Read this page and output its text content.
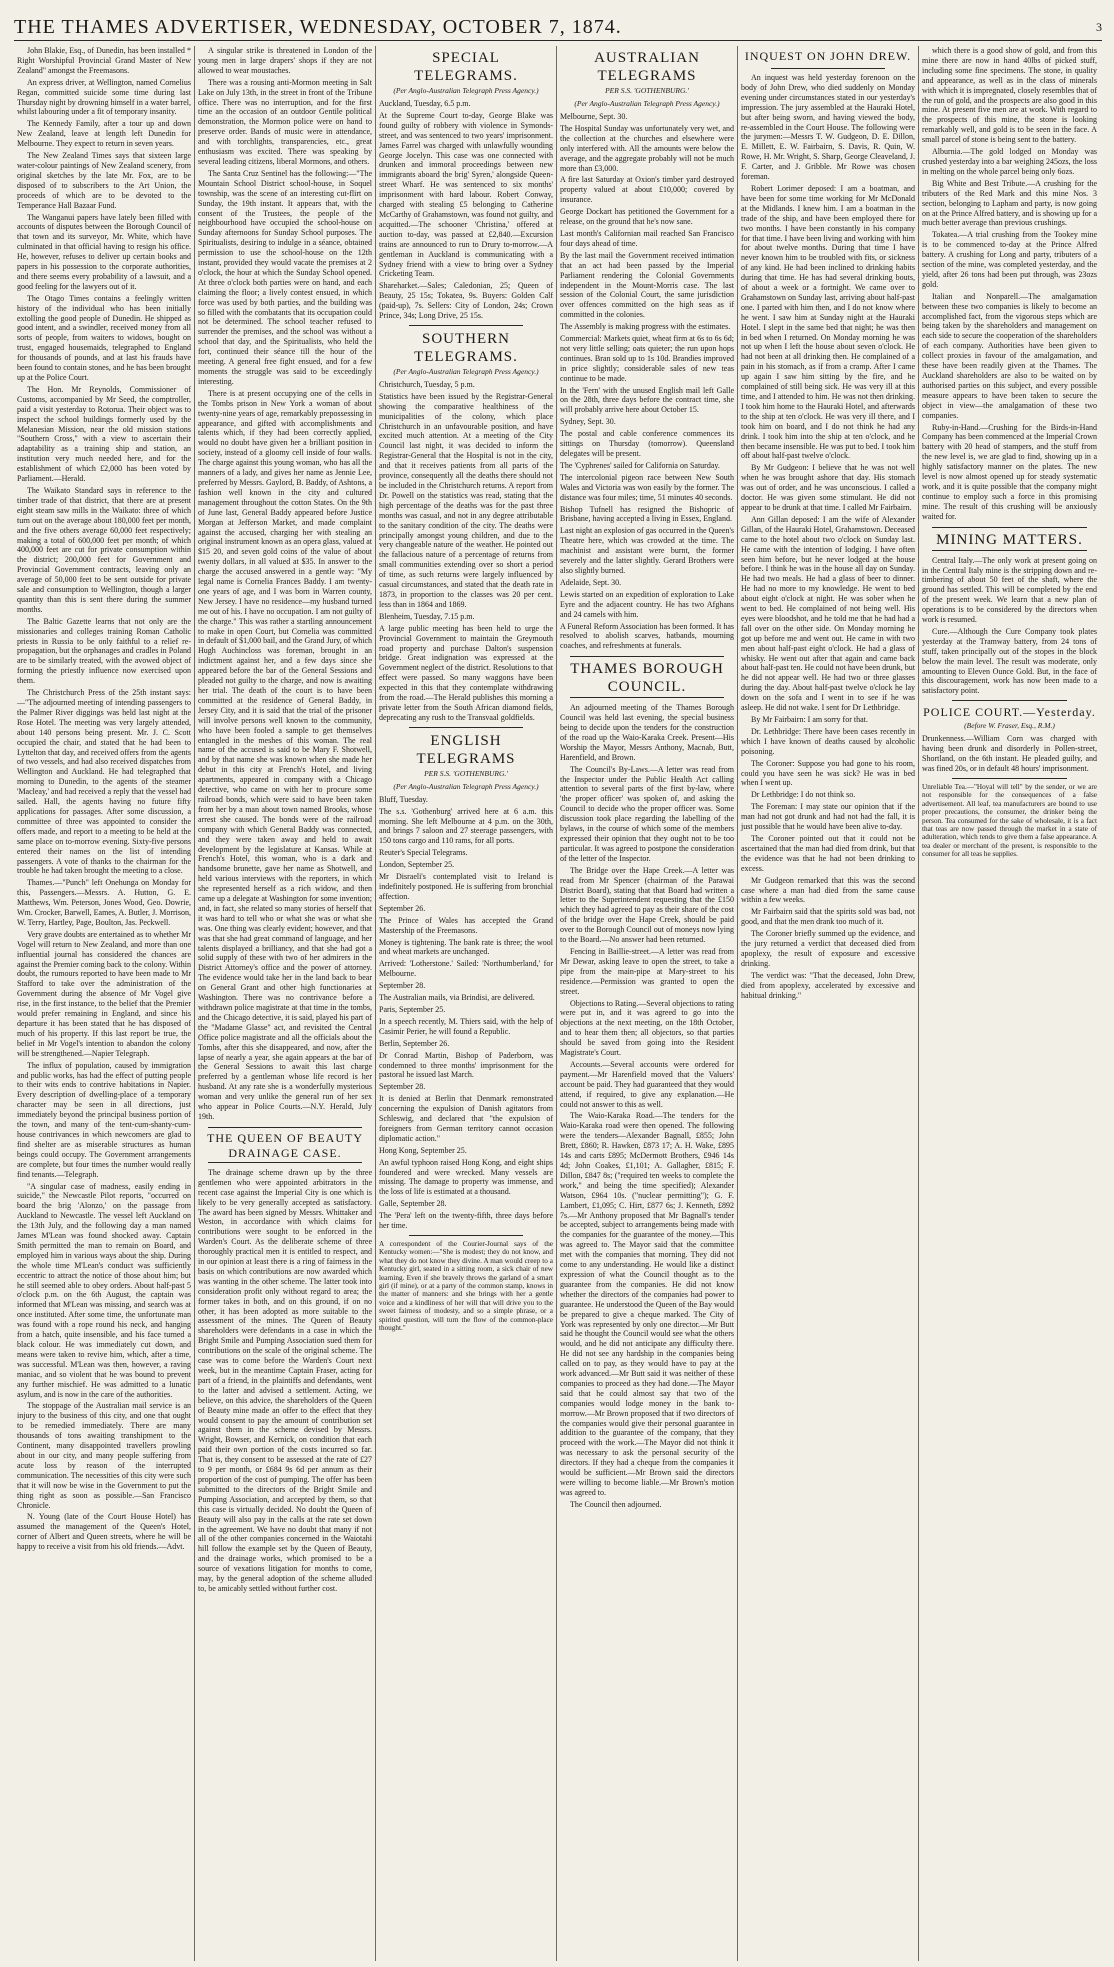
THE THAMES ADVERTISER, WEDNESDAY, OCTOBER 7, 1874.	3

John Blakie, Esq., of Dunedin, has been installed * Right Worshipful Provincial Grand Master of New Zealand" amongst the Freemasons.

An express driver, at Wellington, named Cornelius Regan, committed suicide some time during last Thursday night by drowning himself in a water barrel, whilst labouring under a fit of temporary insanity.

The Kennedy Family, after a tour up and down New Zealand, leave at length left Dunedin for Melbourne. They expect to return in seven years.

The New Zealand Times says that sixteen large water-colour paintings of New Zealand scenery, from original sketches by the late Mr. Fox, are to be disposed of to subscribers to the Art Union, the proceeds of which are to be devoted to the Temperance Hall Bazaar Fund.

The Wanganui papers have lately been filled with accounts of disputes between the Borough Council of that town and its surveyor, Mr. White, which have culminated in that official having to resign his office. He, however, refuses to deliver up certain books and papers in his possession to the corporate authorities, and there seems every probability of a lawsuit, and a good feeling for the lawyers out of it.

The Otago Times contains a feelingly written history of the individual who has been initially extolling the good people of Dunedin. He shipped as good intent, and a swindler, received money from all sorts of people, from waiters to widows, bought on trust, engaged housemaids, telegraphed to England for thousands of pounds, and at last his frauds have been found to contain stones, and he has been brought up at the Police Court.

The Hon. Mr Reynolds, Commissioner of Customs, accompanied by Mr Seed, the comptroller, paid a visit yesterday to Rotorua. Their object was to inspect the school buildings formerly used by the Melanesian Mission, near the old mission stations "Southern Cross," with a view to ascertain their adaptability as a training ship and station, an institution very much needed here, and for the establishment of which £2,000 has been voted by Parliament.—Herald.

The Waikato Standard says in reference to the timber trade of that district, that there are at present eight steam saw mills in the Waikato: three of which turn out on the average about 180,000 feet per month, and the five others average 60,000 feet respectively; making a total of 600,000 feet per month; of which 400,000 feet are cut for private consumption within the district; 200,000 feet for Government and Provincial Government contracts, leaving only an average of 50,000 feet to be sent outside for private sale and consumption to Wellington, though a larger quantity than this is sent there during the summer months.

The Baltic Gazette learns that not only are the missionaries and colleges training Roman Catholic priests in Russia to be only faithful to a relief re-propagation, but the orphanages and cradles in Poland are to be similarly treated, with the avowed object of forming the priestly influence now exercised upon them.

The Christchurch Press of the 25th instant says:—"The adjourned meeting of intending passengers to the Palmer River diggings was held last night at the Rose Hotel. The meeting was very largely attended, about 140 persons being present. Mr. J. C. Scott occupied the chair, and stated that he had been to Lyttelton that day, and received offers from the agents of two vessels, and had also received dispatches from Wellington and Auckland. He had telegraphed that morning to Dunedin, to the agents of the steamer 'Macleay,' and had received a reply that the vessel had sailed. Hall, the agents having no future fifty applications for passages. After some discussion, a committee of three was appointed to consider the offers made, and report to a meeting to be held at the same place on to-morrow evening. Sixty-five persons entered their names on the list of intending passengers. A vote of thanks to the chairman for the trouble he had taken brought the meeting to a close.

Thames.—"Punch" left Onehunga on Monday for this, Passengers.—Messrs. A. Hutton, G. E. Matthews, Wm. Peterson, Jones Wood, Geo. Dowrie, Wm. Crocker, Barwell, Eames, A. Butler, J. Morrison, W. Terry, Hartley, Page, Boulton, Jas. Peckwell.

Very grave doubts are entertained as to whether Mr Vogel will return to New Zealand, and more than one influential journal has considered the chances are against the Premier coming back to the colony. Within doubt, the rumours reported to have been made to Mr Stafford to take over the administration of the Government during the absence of Mr Vogel give rise, in the first instance, to the belief that the Premier would prefer remaining in England, and since his departure it has been stated that he has disposed of much of his property. If this last report be true, the belief in Mr Vogel's intention to abandon the colony will be strengthened.—Napier Telegraph.

The influx of population, caused by immigration and public works, has had the effect of putting people to their wits ends to contrive habitations in Napier. Every description of dwelling-place of a temporary character may be seen in all directions, just immediately beyond the principal business portion of the town, and many of the tent-cum-shanty-cum-house contrivances in which newcomers are glad to find shelter are as miserable structures as human beings could occupy. The Government arrangements are complete, but four times the number would really find tenants.—Telegraph.

"A singular case of madness, easily ending in suicide," the Newcastle Pilot reports, "occurred on board the brig 'Alonzo,' on the passage from Auckland to Newcastle. The vessel left Auckland on the 13th July, and the following day a man named James M'Lean was found shocked away. Captain Smith permitted the man to remain on Board, and employed him in various ways about the ship. During the whole time M'Lean's conduct was sufficiently eccentric to attract the notice of those about him; but he still seemed able to obey orders. About half-past 5 o'clock p.m. on the 6th August, the captain was informed that M'Lean was missing, and search was at once instituted. After some time, the unfortunate man was found with a rope round his neck, and hanging from a hatch, quite insensible, and his face turned a black colour. He was immediately cut down, and means were taken to revive him, which, after a time, was successful. M'Lean was then, however, a raving maniac, and so violent that he was bound to prevent any further mischief. He was admitted to a lunatic asylum, and is now in the care of the authorities.

The stoppage of the Australian mail service is an injury to the business of this city, and one that ought to be remedied immediately. There are many thousands of tons awaiting transhipment to the Continent, many disappointed travellers prowling about in our city, and many people suffering from acute loss by reason of the interrupted communication. The necessities of this city were such that it will now be wise in the Government to put the thing right as soon as possible.—San Francisco Chronicle.

N. Young (late of the Court House Hotel) has assumed the management of the Queen's Hotel, corner of Albert and Queen streets, where he will be happy to receive a visit from his old friends.—Advt.

A singular strike is threatened in London of the young men in large drapers' shops if they are not allowed to wear moustaches.

There was a rousing anti-Mormon meeting in Salt Lake on July 13th, in the street in front of the Tribune office. There was no interruption, and for the first time an the occasion of an outdoor Gentile political demonstration, the Mormon police were on hand to preserve order. Bands of music were in attendance, and with torchlights, transparencies, etc., great enthusiasm was excited. There was speaking by several leading citizens, liberal Mormons, and others.

The Santa Cruz Sentinel has the following:—"The Mountain School District school-house, in Soquel township, was the scene of an interesting cut-flirt on Sunday, the 19th instant. It appears that, with the consent of the Trustees, the people of the neighbourhood have occupied the school-house on Sunday afternoons for Sunday School purposes. The Spiritualists, desiring to indulge in a séance, obtained permission to use the school-house on the 12th instant, provided they would vacate the premises at 2 o'clock, the hour at which the Sunday School opened. At three o'clock both parties were on hand, and each claiming the floor; a lively contest ensued, in which force was used by both parties, and the building was so filled with the combatants that its occupation could not be determined. The school teacher refused to surrender the premises, and the school was without a school that day, and the Spiritualists, who held the fort, continued their séance till the hour of the meeting. A general free fight ensued, and for a few moments the struggle was said to be exceedingly interesting.

There is at present occupying one of the cells in the Tombs prison in New York a woman of about twenty-nine years of age, remarkably prepossessing in appearance, and gifted with accomplishments and talents which, if they had been correctly applied, would no doubt have given her a brilliant position in society, instead of a gloomy cell inside of four walls. The charge against this young woman, who has all the manners of a lady, and gives her name as Jennie Lee, preferred by Messrs. Gaylord, B. Baddy, of Ashtons, a fashion well known in the city and cultured management throughout the cotton States. On the 9th of June last, General Baddy appeared before Justice Morgan at Jefferson Market, and made complaint against the accused, charging her with stealing an original instrument known as an opera glass, valued at $15 20, and seven gold coins of the value of about twenty dollars, in all valued at $35. In answer to the charge the accused answered in a gentle way: "My legal name is Cornelia Frances Baddy. I am twenty-one years of age, and I was born in Warren county, New Jersey. I have no residence—my husband turned me out of his. I have no occupation. I am not guilty of the charge." This was rather a startling announcement to make in open Court, but Cornelia was committed in default of $1,000 bail, and the Grand Jury, of which Hugh Auchincloss was foreman, brought in an indictment against her, and a few days since she appeared before the bar of the General Sessions and pleaded not guilty to the charge, and now is awaiting her trial. The death of the court is to have been committed at the residence of General Baddy, in Jersey City, and it is said that the trial of the prisoner will involve persons well known to the community, who have been fooled a sample to get themselves entangled in the meshes of this woman. The real name of the accused is said to be Mary F. Shotwell, and by that name she was known when she made her debut in this city at French's Hotel, and living apartments, appeared in company with a Chicago detective, who came on with her to procure some railroad bonds, which were said to have been taken from her by a man about town named Brooks, whose arrest she caused. The bonds were of the railroad company with which General Baddy was connected, and they were taken away and held to await development by the legislature at Kansas. While at French's Hotel, this woman, who is a dark and handsome brunette, gave her name as Shotwell, and held various interviews with the reporters, in which she represented herself as a rich widow, and then came up a delegate at Washington for some invention; and, in fact, she related so many stories of herself that it was hard to tell who or what she was or what she was. One thing was clearly evident; however, and that was that she had great command of language, and her talents displayed a brilliancy, and that she had got a solid supply of these with two of her admirers in the District Attorney's office and the power of attorney. The evidence would take her in the land back to bear on General Grant and other high functionaries at Washington. There was no contrivance before a withdrawn police magistrate at that time in the tombs, and the Chicago detective, it is said, played his part of the "Madame Glasse" act, and revisited the Central Office police magistrate and all the officials about the Tombs, after this she disappeared, and now, after the lapse of nearly a year, she again appears at the bar of the General Sessions to await this last charge preferred by a gentleman whose life record is her husband. At any rate she is a wonderfully mysterious woman and very unlike the general run of her sex who appear in Police Courts.—N.Y. Herald, July 19th.

THE QUEEN OF BEAUTY DRAINAGE CASE.

The drainage scheme drawn up by the three gentlemen who were appointed arbitrators in the recent case against the Imperial City is one which is likely to be very generally accepted as satisfactory. The award has been signed by Messrs. Whittaker and Weston, in accordance with which claims for contributions were sought to be enforced in the Warden's Court. As the deliberate scheme of three thoroughly practical men it is entitled to respect, and in our opinion at least there is a ring of fairness in the basis on which contributions are now awarded which was wanting in the other scheme. The latter took into consideration profit only without regard to area; the former takes in both, and on this ground, if on no other, it has been adopted as more suitable to the assessment of the mines. The Queen of Beauty shareholders were defendants in a case in which the Bright Smile and Pumping Association sued them for contributions on the scale of the original scheme. The case was to come before the Warden's Court next week, but in the meantime Captain Fraser, acting for part of a friend, in the plaintiffs and defendants, went to the latter and advised a settlement. Acting, we believe, on this advice, the shareholders of the Queen of Beauty mine made an offer to the effect that they would consent to pay the amount of contribution set against them in the scheme devised by Messrs. Wright, Bowser, and Kernick, on condition that each paid their own portion of the costs incurred so far. That is, they consent to be assessed at the rate of £27 to 9 per month, or £684 9s 6d per annum as their proportion of the cost of pumping. The offer has been submitted to the directors of the Bright Smile and Pumping Association, and accepted by them, so that this case is virtually decided. No doubt the Queen of Beauty will also pay in the calls at the rate set down in the agreement. We have no doubt that many if not all of the other companies concerned in the Waiotahi hill follow the example set by the Queen of Beauty, and the drainage works, which promised to be a source of vexations litigation for months to come, may, by the general adoption of the scheme alluded to, be amicably settled without further cost.

SPECIAL TELEGRAMS.
(Per Anglo-Australian Telegraph Press Agency.)

Auckland, Tuesday, 6.5 p.m.

At the Supreme Court to-day, George Blake was found guilty of robbery with violence in Symonds-street, and was sentenced to two years' imprisonment. James Farrel was charged with unlawfully wounding George Jocelyn. This case was one connected with drunken and immoral proceedings between new immigrants aboard the brig' Syren,' alongside Queen-street Wharf. He was sentenced to six months' imprisonment with hard labour. Robert Conway, charged with stealing £5 belonging to Catherine McCarthy of Grahamstown, was found not guilty, and acquitted.—The schooner 'Christina,' offered at auction to-day, was passed at £2,840.—Excursion trains are announced to run to Drury to-morrow.—A gentleman in Auckland is communicating with a Sydney friend with a view to bring over a Sydney Cricketing Team.

Shareharket.—Sales; Caledonian, 25; Queen of Beauty, 25 15s; Tokatea, 9s. Buyers: Golden Calf (paid-up), 7s. Sellers: City of London, 24s; Crown Prince, 34s; Long Drive, 25 15s.

SOUTHERN TELEGRAMS.
(Per Anglo-Australian Telegraph Press Agency.)

Christchurch, Tuesday, 5 p.m.

Statistics have been issued by the Registrar-General showing the comparative healthiness of the municipalities of the colony, which place Christchurch in an unfavourable position, and have excited much attention. At a meeting of the City Council last night, it was decided to inform the Registrar-General that the Hospital is not in the city, and that it receives patients from all parts of the province, consequently all the deaths there should not be included in the Christchurch returns. A report from Dr. Powell on the statistics was read, stating that the high percentage of the deaths was for the past three months was casual, and not in any degree attributable to the sanitary condition of the city. The deaths were principally amongst young children, and due to the very changeable nature of the weather. He pointed out the fallacious nature of a percentage of returns from small communities extending over so short a period of time, as such returns were largely influenced by casual circumstances, and stated that the death rate in 1873, in proportion to the classes was 20 per cent. less than in 1864 and 1869.

Blenheim, Tuesday, 7.15 p.m.

A large public meeting has been held to urge the Provincial Government to maintain the Greymouth road property and purchase Dalton's suspension bridge. Great indignation was expressed at the Government neglect of the district. Resolutions to that effect were passed. So many waggons have been expected in this that they contemplate withdrawing from the road.—The Herald publishes this morning a private letter from the South African diamond fields, deprecating any rush to the Transvaal goldfields.

ENGLISH TELEGRAMS
PER S.S. 'GOTHENBURG.'
(Per Anglo-Australian Telegraph Press Agency.)

Bluff, Tuesday.

The s.s. 'Gothenburg' arrived here at 6 a.m. this morning. She left Melbourne at 4 p.m. on the 30th, and brings 7 saloon and 27 steerage passengers, with 150 tons cargo and 110 rams, for all ports.

Reuter's Special Telegrams.

London, September 25.

Mr Disraeli's contemplated visit to Ireland is indefinitely postponed. He is suffering from bronchial affection.

September 26.

The Prince of Wales has accepted the Grand Mastership of the Freemasons.

Money is tightening. The bank rate is three; the wool and wheat markets are unchanged.

Arrived: 'Lotherstone.' Sailed: 'Northumberland,' for Melbourne.

September 28.

The Australian mails, via Brindisi, are delivered.

Paris, September 25.

In a speech recently, M. Thiers said, with the help of Casimir Perier, he will found a Republic.

Berlin, September 26.

Dr Conrad Martin, Bishop of Paderborn, was condemned to three months' imprisonment for the pastoral he issued last March.

September 28.

It is denied at Berlin that Denmark remonstrated concerning the expulsion of Danish agitators from Schleswig, and declared that "the expulsion of foreigners from German territory cannot occasion diplomatic action."

Hong Kong, September 25.

An awful typhoon raised Hong Kong, and eight ships foundered and were wrecked. Many vessels are missing. The damage to property was immense, and the loss of life is estimated at a thousand.

Galle, September 28.

The 'Pera' left on the twenty-fifth, three days before her time.

A correspondent of the Courier-Journal says of the Kentucky women:—"She is modest; they do not know, and what they do not know they divine. A man would creep to a Kentucky girl, seated in a sitting room, a sick chair of new learning. Even if she bravely throws the garland of a smart girl (if mine), or at a party of the common stamp, knows in the matter of manners: and she brings with her a gentle voice and a kindliness of her will that will drive you to the sweet fairness of modesty, and so a simple phrase, or a spirited question, will turn the flow of the common-place thought."

AUSTRALIAN TELEGRAMS
PER S.S. 'GOTHENBURG.'
(Per Anglo-Australian Telegraph Press Agency.)

Melbourne, Sept. 30.

The Hospital Sunday was unfortunately very wet, and the collection at the churches and elsewhere were only interfered with. All the amounts were below the average, and the aggregate probably will not be much more than £3,000.

A fire last Saturday at Oxion's timber yard destroyed property valued at about £10,000; covered by insurance.

George Dockart has petitioned the Government for a release, on the ground that he's now sane.

Last month's Californian mail reached San Francisco four days ahead of time.

By the last mail the Government received intimation that an act had been passed by the Imperial Parliament rendering the Colonial Governments independent in the Mount-Morris case. The last session of the Colonial Court, the same jurisdiction over offences committed on the high seas as if committed in the colonies.

The Assembly is making progress with the estimates.

Commercial: Markets quiet, wheat firm at 6s to 6s 6d; not very little selling; oats quieter; the run upon hops continues. Bran sold up to 1s 10d. Brandies improved in price slightly; considerable sales of new teas continue to be made.

In the 'Fern' with the unused English mail left Galle on the 28th, three days before the contract time, she will probably arrive here about October 15.

Sydney, Sept. 30.

The postal and cable conference commences its sittings on Thursday (tomorrow). Queensland delegates will be present.

The 'Cyphrenes' sailed for California on Saturday.

The intercolonial pigeon race between New South Wales and Victoria was won easily by the former. The distance was four miles; time, 51 minutes 40 seconds.

Bishop Tufnell has resigned the Bishopric of Brisbane, having accepted a living in Essex, England.

Last night an explosion of gas occurred in the Queen's Theatre here, which was crowded at the time. The machinist and assistant were burnt, the former severely and the latter slightly. Gerard Brothers were also slightly burned.

Adelaide, Sept. 30.

Lewis started on an expedition of exploration to Lake Eyre and the adjacent country. He has two Afghans and 24 camels with him.

A Funeral Reform Association has been formed. It has resolved to abolish scarves, hatbands, mourning coaches, and refreshments at funerals.

THAMES BOROUGH COUNCIL.

An adjourned meeting of the Thames Borough Council was held last evening, the special business being to decide upon the tenders for the construction of the road up the Waio-Karaka Creek. Present—His Worship the Mayor, Messrs Anthony, Macnab, Butt, Harenfield, and Brown.

The Council's By-Laws.—A letter was read from the Inspector under the Public Health Act calling attention to several parts of the first by-law, where 'the proper officer' was spoken of, and asking the Council to decide who the proper officer was. Some discussion took place regarding the labelling of the bylaws, in the course of which some of the members expressed their opinion that they ought not to be too particular. It was agreed to postpone the consideration of the letter of the Inspector.

The Bridge over the Hape Creek.—A letter was read from Mr Spencer (chairman of the Parawai District Board), stating that that Board had written a letter to the Superintendent requesting that the £150 which they had agreed to pay as their share of the cost of the bridge over the Hape Creek, should be paid over to the Borough Council out of moneys now lying to the Board.—No answer had been returned.

Fencing in Baillie-street.—A letter was read from Mr Dewar, asking leave to open the street, to take a pipe from the main-pipe at Mary-street to his residence.—Permission was granted to open the street.

Objections to Rating.—Several objections to rating were put in, and it was agreed to go into the objections at the next meeting, on the 18th October, and to hear them then; all objectors, so that parties should be saved from going into the Resident Magistrate's Court.

Accounts.—Several accounts were ordered for payment.—Mr Harenfield moved that the Valuers' account be paid. They had guaranteed that they would attend, if required, to give any explanation.—He could not answer to this as well.

The Waio-Karaka Road.—The tenders for the Waio-Karaka road were then opened. The following were the tenders—Alexander Bagnall, £855; John Brett, £860; R. Hawken, £873 17; A. H. Wake, £895 14s and carts £895; McDermott Brothers, £946 14s 4d; John Coakes, £1,101; A. Gallagher, £815; F. Dillon, £847 8s; ("required ten weeks to complete the work," and being the time specified); Alexander Watson, £964 10s. ("nuclear permitting"); G. F. Lambert, £1,095; C. Hirt, £877 6s; J. Kenneth, £892 7s.—Mr Anthony proposed that Mr Bagnall's tender be accepted, subject to arrangements being made with the companies for the guarantee of the money.—This was agreed to. The Mayor said that the committee met with the companies that morning. They did not come to any understanding. He would like a distinct expression of what the Council thought as to the guarantee from the companies. He did not know whether the directors of the companies had power to guarantee. He understood the Queen of the Bay would be prepared to give a cheque marked. The City of York was represented by only one director.—Mr Butt said he thought the Council would see what the others would, and he did not anticipate any difficulty there. He did not see any hardship in the companies being called on to pay, as they would have to pay at the work advanced.—Mr Butt said it was neither of these companies to proceed as they had done.—The Mayor said that he could almost say that two of the companies would lodge money in the bank to-morrow.—Mr Brown proposed that if two directors of the companies would give their personal guarantee in addition to the guarantee of the company, that they proceed with the work.—The Mayor did not think it was necessary to ask the personal security of the directors. If they had a cheque from the companies it would be sufficient.—Mr Brown said the directors were willing to become liable.—Mr Brown's motion was agreed to.

The Council then adjourned.

INQUEST ON JOHN DREW.

An inquest was held yesterday forenoon on the body of John Drew, who died suddenly on Monday evening under circumstances stated in our yesterday's impression. The jury assembled at the Hauraki Hotel, but after being sworn, and having viewed the body, re-assembled in the Court House. The following were the jurymen:—Messrs T. W. Gudgeon, D. E. Dillon, E. Millett, E. W. Fairbairn, S. Davis, R. Quin, W. Rowe, H. Mr. Wright, S. Sharp, George Cleaveland, J. F. Carter, and J. Gribble. Mr Rowe was chosen foreman.

Robert Lorimer deposed: I am a boatman, and have been for some time working for Mr McDonald at the Midlands. I knew him. I am a boatman in the trade of the ship, and have been employed there for two months. I have been constantly in his company for that time. I have been living and working with him for about twelve months. During that time I have never known him to be troubled with fits, or sickness of any kind. He had been inclined to drinking habits during that time. He has had several drinking bouts, of about a week or a fortnight. We came over to Grahamstown on Sunday last, arriving about half-past one. I parted with him then, and I do not know where he went. I saw him at Sunday night at the Hauraki Hotel. I slept in the same bed that night; he was then in bed when I returned. On Monday morning he was not up when I left the house about seven o'clock. He had not been at all drinking then. He complained of a pain in his stomach, as if from a cramp. After I came up again I saw him sitting by the fire, and he complained of still being sick. He was very ill at this time, and I attended to him. He was not then drinking. I took him home to the Hauraki Hotel, and afterwards to the ship at ten o'clock. He was very ill there, and I took him on board, and I do not think he had any drink. I took him into the ship at ten o'clock, and he then became insensible. He was put to bed. I took him off about half-past twelve o'clock.

By Mr Gudgeon: I believe that he was not well when he was brought ashore that day. His stomach was out of order, and he was unconscious. I called a doctor. He was given some stimulant. He did not appear to be drunk at that time. I called Mr Fairbairn.

Ann Gillan deposed: I am the wife of Alexander Gillan, of the Hauraki Hotel, Grahamstown. Deceased came to the hotel about two o'clock on Sunday last. He came with the intention of lodging. I have often seen him before, but he never lodged at the house before. I think he was in the house all day on Sunday. He had two meals. He had a glass of beer to dinner. He had no more to my knowledge. He went to bed about eight o'clock at night. He was sober when he went to bed. He complained of not being well. His eyes were bloodshot, and he told me that he had had a fall over on the other side. On Monday morning he got up before me and went out. He came in with two men about half-past eight o'clock. He had a glass of whisky. He went out after that again and came back about half-past ten. He could not have been drunk, but he did not appear well. He had two or three glasses during the day. About half-past twelve o'clock he lay down on the sofa and I went in to see if he was asleep. He did not wake. I sent for Dr Lethbridge.

By Mr Fairbairn: I am sorry for that.

Dr. Lethbridge: There have been cases recently in which I have known of deaths caused by alcoholic poisoning.

The Coroner: Suppose you had gone to his room, could you have seen he was sick? He was in bed when I went up.

Dr Lethbridge: I do not think so.

The Foreman: I may state our opinion that if the man had not got drunk and had not had the fall, it is just possible that he would have been alive to-day.

The Coroner pointed out that it could not be ascertained that the man had died from drink, but that the evidence was that he had not been drinking to excess.

Mr Gudgeon remarked that this was the second case where a man had died from the same cause within a few weeks.

Mr Fairbairn said that the spirits sold was bad, not good, and that the men drank too much of it.

The Coroner briefly summed up the evidence, and the jury returned a verdict that deceased died from apoplexy, the result of exposure and excessive drinking.

The verdict was: "That the deceased, John Drew, died from apoplexy, accelerated by excessive and habitual drinking."

which there is a good show of gold, and from this mine there are now in hand 40lbs of picked stuff, including some fine specimens. The stone, in quality and appearance, as well as in the class of minerals with which it is impregnated, closely resembles that of the run of gold, and the prospects are also good in this mine. At present five men are at work. With regard to the prospects of this mine, the stone is looking remarkably well, and gold is to be seen in the face. A small parcel of stone is being sent to the battery.

Alburnia.—The gold lodged on Monday was crushed yesterday into a bar weighing 245ozs, the loss in melting on the whole parcel being only 6ozs.

Big White and Best Tribute.—A crushing for the tributers of the Red Mark and this mine Nos. 3 section, belonging to Lapham and party, is now going on at the Prince Alfred battery, and is showing up for a much better average than previous crushings.

Tokatea.—A trial crushing from the Tookey mine is to be commenced to-day at the Prince Alfred battery. A crushing for Long and party, tributers of a section of the mine, was completed yesterday, and the yield, after 26 tons had been put through, was 23ozs gold.

Italian and Nonparell.—The amalgamation between these two companies is likely to become an accomplished fact, from the vigorous steps which are being taken by the shareholders and management on each side to secure the cooperation of the shareholders of each company. Authorities have been given to collect proxies in favour of the amalgamation, and these have been readily given at the Thames. The Auckland shareholders are also to be waited on by authorised parties on this subject, and every possible measure appears to have been taken to secure the object in view—the amalgamation of these two companies.

Ruby-in-Hand.—Crushing for the Birds-in-Hand Company has been commenced at the Imperial Crown battery with 20 head of stampers, and the stuff from the new level is, we are glad to find, showing up in a highly satisfactory manner on the plates. The new level is now almost opened up for steady systematic work, and it is quite possible that the company might continue to employ such a force in this promising mine. The result of this crushing will be anxiously waited for.

MINING MATTERS.

Central Italy.—The only work at present going on in the Central Italy mine is the stripping down and re-timbering of about 50 feet of the shaft, where the ground has settled. This will be completed by the end of the present week. We learn that a new plan of operations is to be considered by the directors when work is resumed.

Cure.—Although the Cure Company took plates yesterday at the Tramway battery, from 24 tons of stuff, taken principally out of the stopes in the block below the main level. The result was moderate, only amounting to Eleven Ounce Gold. But, in the face of this discouragement, work has now been made to a satisfactory point.

POLICE COURT.—Yesterday.
(Before W. Fraser, Esq., R.M.)

Drunkenness.—William Corn was charged with having been drunk and disorderly in Pollen-street, Shortland, on the 6th instant. He pleaded guilty, and was fined 20s, or in default 48 hours' imprisonment.

Unreliable Tea.—"Hoyal will tell" by the sender, or we are not responsible for the consequences of a false advertisement. All leaf, tea manufacturers are bound to use proper precautions, the consumer, the drinker being the person. Tea consumed for the sake of wholesale, it is a fact that teas are now passed through the market in a state of adulteration, which tends to give them a false appearance. A tea dealer or merchant of the present, is responsible to the consumer for all teas he supplies.
